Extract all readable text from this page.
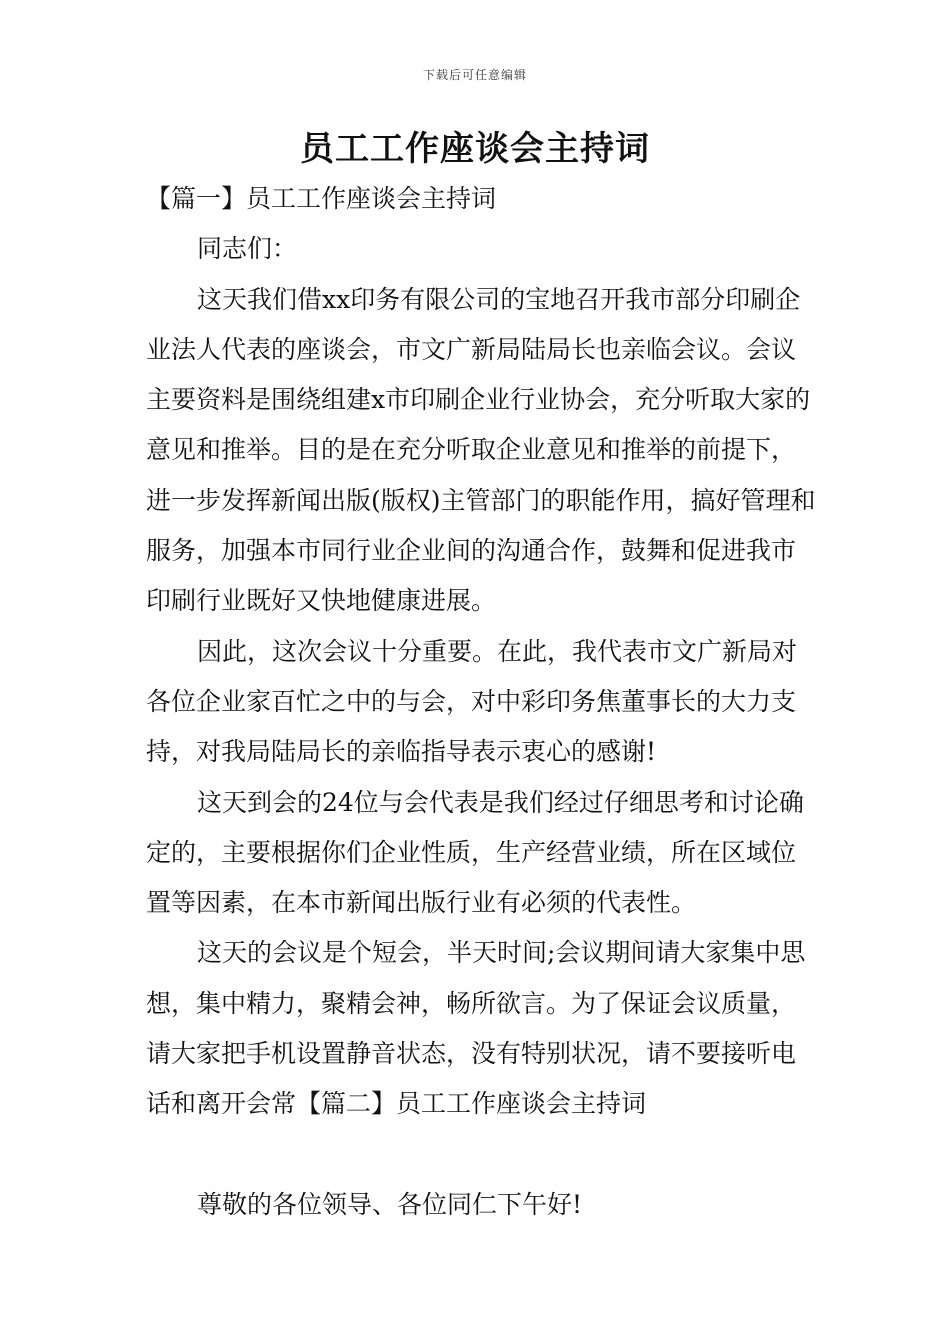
下载后可任意编辑
员工工作座谈会主持词

【篇一】员工工作座谈会主持词

同志们：

这天我们借xx印务有限公司的宝地召开我市部分印刷企业法人代表的座谈会，市文广新局陆局长也亲临会议。会议主要资料是围绕组建x市印刷企业行业协会，充分听取大家的意见和推举。目的是在充分听取企业意见和推举的前提下，进一步发挥新闻出版(版权)主管部门的职能作用，搞好管理和服务，加强本市同行业企业间的沟通合作，鼓舞和促进我市印刷行业既好又快地健康进展。

因此，这次会议十分重要。在此，我代表市文广新局对各位企业家百忙之中的与会，对中彩印务焦董事长的大力支持，对我局陆局长的亲临指导表示衷心的感谢!

这天到会的24位与会代表是我们经过仔细思考和讨论确定的，主要根据你们企业性质，生产经营业绩，所在区域位置等因素，在本市新闻出版行业有必须的代表性。

这天的会议是个短会，半天时间;会议期间请大家集中思想，集中精力，聚精会神，畅所欲言。为了保证会议质量，请大家把手机设置静音状态，没有特别状况，请不要接听电话和离开会常【篇二】员工工作座谈会主持词

尊敬的各位领导、各位同仁下午好!
